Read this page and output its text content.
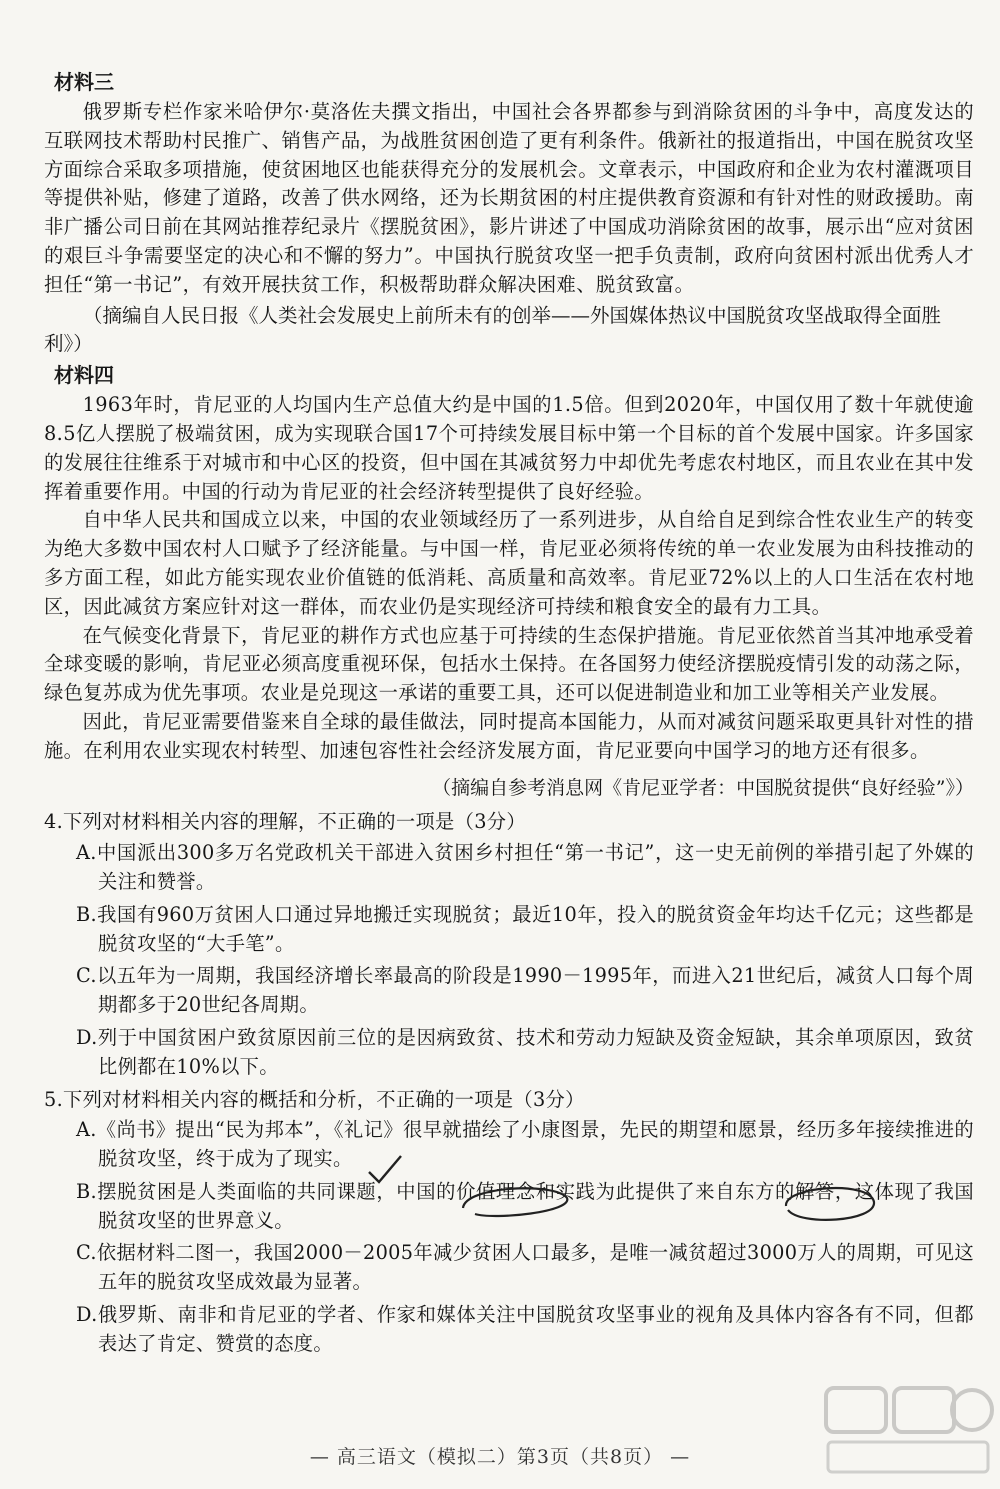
材料三

俄罗斯专栏作家米哈伊尔·莫洛佐夫撰文指出，中国社会各界都参与到消除贫困的斗争中，高度发达的互联网技术帮助村民推广、销售产品，为战胜贫困创造了更有利条件。俄新社的报道指出，中国在脱贫攻坚方面综合采取多项措施，使贫困地区也能获得充分的发展机会。文章表示，中国政府和企业为农村灌溉项目等提供补贴，修建了道路，改善了供水网络，还为长期贫困的村庄提供教育资源和有针对性的财政援助。南非广播公司日前在其网站推荐纪录片《摆脱贫困》，影片讲述了中国成功消除贫困的故事，展示出“应对贫困的艰巨斗争需要坚定的决心和不懈的努力”。中国执行脱贫攻坚一把手负责制，政府向贫困村派出优秀人才担任“第一书记”，有效开展扶贫工作，积极帮助群众解决困难、脱贫致富。

（摘编自人民日报《人类社会发展史上前所未有的创举——外国媒体热议中国脱贫攻坚战取得全面胜利》）

材料四

1963年时，肯尼亚的人均国内生产总值大约是中国的1.5倍。但到2020年，中国仅用了数十年就使逾8.5亿人摆脱了极端贫困，成为实现联合国17个可持续发展目标中第一个目标的首个发展中国家。许多国家的发展往往维系于对城市和中心区的投资，但中国在其减贫努力中却优先考虑农村地区，而且农业在其中发挥着重要作用。中国的行动为肯尼亚的社会经济转型提供了良好经验。

自中华人民共和国成立以来，中国的农业领域经历了一系列进步，从自给自足到综合性农业生产的转变为绝大多数中国农村人口赋予了经济能量。与中国一样，肯尼亚必须将传统的单一农业发展为由科技推动的多方面工程，如此方能实现农业价值链的低消耗、高质量和高效率。肯尼亚72%以上的人口生活在农村地区，因此减贫方案应针对这一群体，而农业仍是实现经济可持续和粮食安全的最有力工具。

在气候变化背景下，肯尼亚的耕作方式也应基于可持续的生态保护措施。肯尼亚依然首当其冲地承受着全球变暖的影响，肯尼亚必须高度重视环保，包括水土保持。在各国努力使经济摆脱疫情引发的动荡之际，绿色复苏成为优先事项。农业是兑现这一承诺的重要工具，还可以促进制造业和加工业等相关产业发展。

因此，肯尼亚需要借鉴来自全球的最佳做法，同时提高本国能力，从而对减贫问题采取更具针对性的措施。在利用农业实现农村转型、加速包容性社会经济发展方面，肯尼亚要向中国学习的地方还有很多。

（摘编自参考消息网《肯尼亚学者：中国脱贫提供“良好经验”》）

4.下列对材料相关内容的理解，不正确的一项是（3分）

A.中国派出300多万名党政机关干部进入贫困乡村担任“第一书记”，这一史无前例的举措引起了外媒的关注和赞誉。

B.我国有960万贫困人口通过异地搬迁实现脱贫；最近10年，投入的脱贫资金年均达千亿元；这些都是脱贫攻坚的“大手笔”。

C.以五年为一周期，我国经济增长率最高的阶段是1990－1995年，而进入21世纪后，减贫人口每个周期都多于20世纪各周期。

D.列于中国贫困户致贫原因前三位的是因病致贫、技术和劳动力短缺及资金短缺，其余单项原因，致贫比例都在10%以下。

5.下列对材料相关内容的概括和分析，不正确的一项是（3分）

A.《尚书》提出“民为邦本”，《礼记》很早就描绘了小康图景，先民的期望和愿景，经历多年接续推进的脱贫攻坚，终于成为了现实。

B.摆脱贫困是人类面临的共同课题，中国的价值理念和实践为此提供了来自东方的解答，这体现了我国脱贫攻坚的世界意义。

C.依据材料二图一，我国2000－2005年减少贫困人口最多，是唯一减贫超过3000万人的周期，可见这五年的脱贫攻坚成效最为显著。

D.俄罗斯、南非和肯尼亚的学者、作家和媒体关注中国脱贫攻坚事业的视角及具体内容各有不同，但都表达了肯定、赞赏的态度。

— 高三语文（模拟二）第3页（共8页） —
